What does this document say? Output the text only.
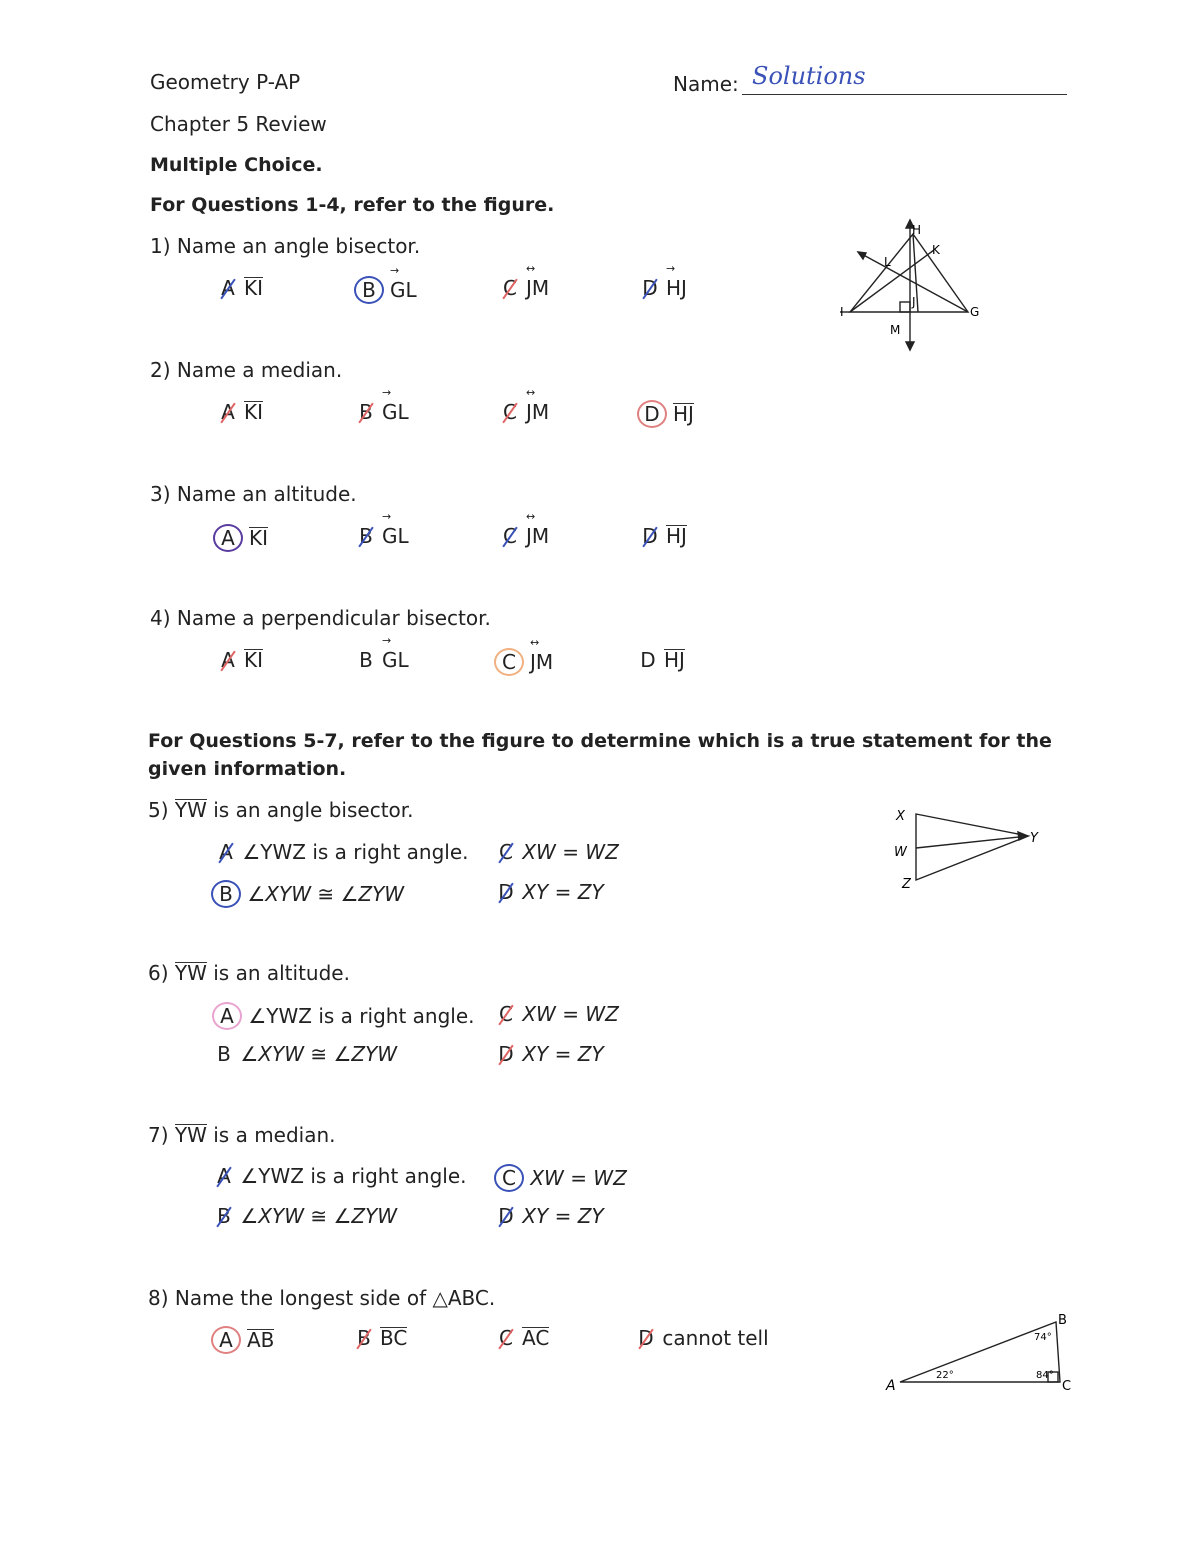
Geometry P-AP
Chapter 5 Review
Name: Solutions
Multiple Choice.
For Questions 1-4, refer to the figure.
1) Name an angle bisector.
A KI	B
→
GL	C
↔
JM	D
→
HJ
2) Name a median.
A KI	B
→
GL	C
↔
JM	D HJ
3) Name an altitude.
A KI	B
→
GL	C
↔
JM	D HJ
4) Name a perpendicular bisector.
A KI	B
→
GL	C
↔
JM	D HJ
H
K
L
I
J
G
M
For Questions 5-7, refer to the figure to determine which is a true statement for the
given information.
5) YW is an angle bisector.
A ∠YWZ is a right angle. C XW = WZ
B ∠XYW ≅ ∠ZYW	D XY = ZY
X
Y
W
Z
6) YW is an altitude.
A ∠YWZ is a right angle. C XW = WZ
B ∠XYW ≅ ∠ZYW	D XY = ZY
7) YW is a median.
A ∠YWZ is a right angle.	C XW = WZ
B ∠XYW ≅ ∠ZYW	D XY = ZY
8) Name the longest side of △ABC.
A AB	B BC	C AC	D cannot tell
A
B
C
22°
74°
84°
